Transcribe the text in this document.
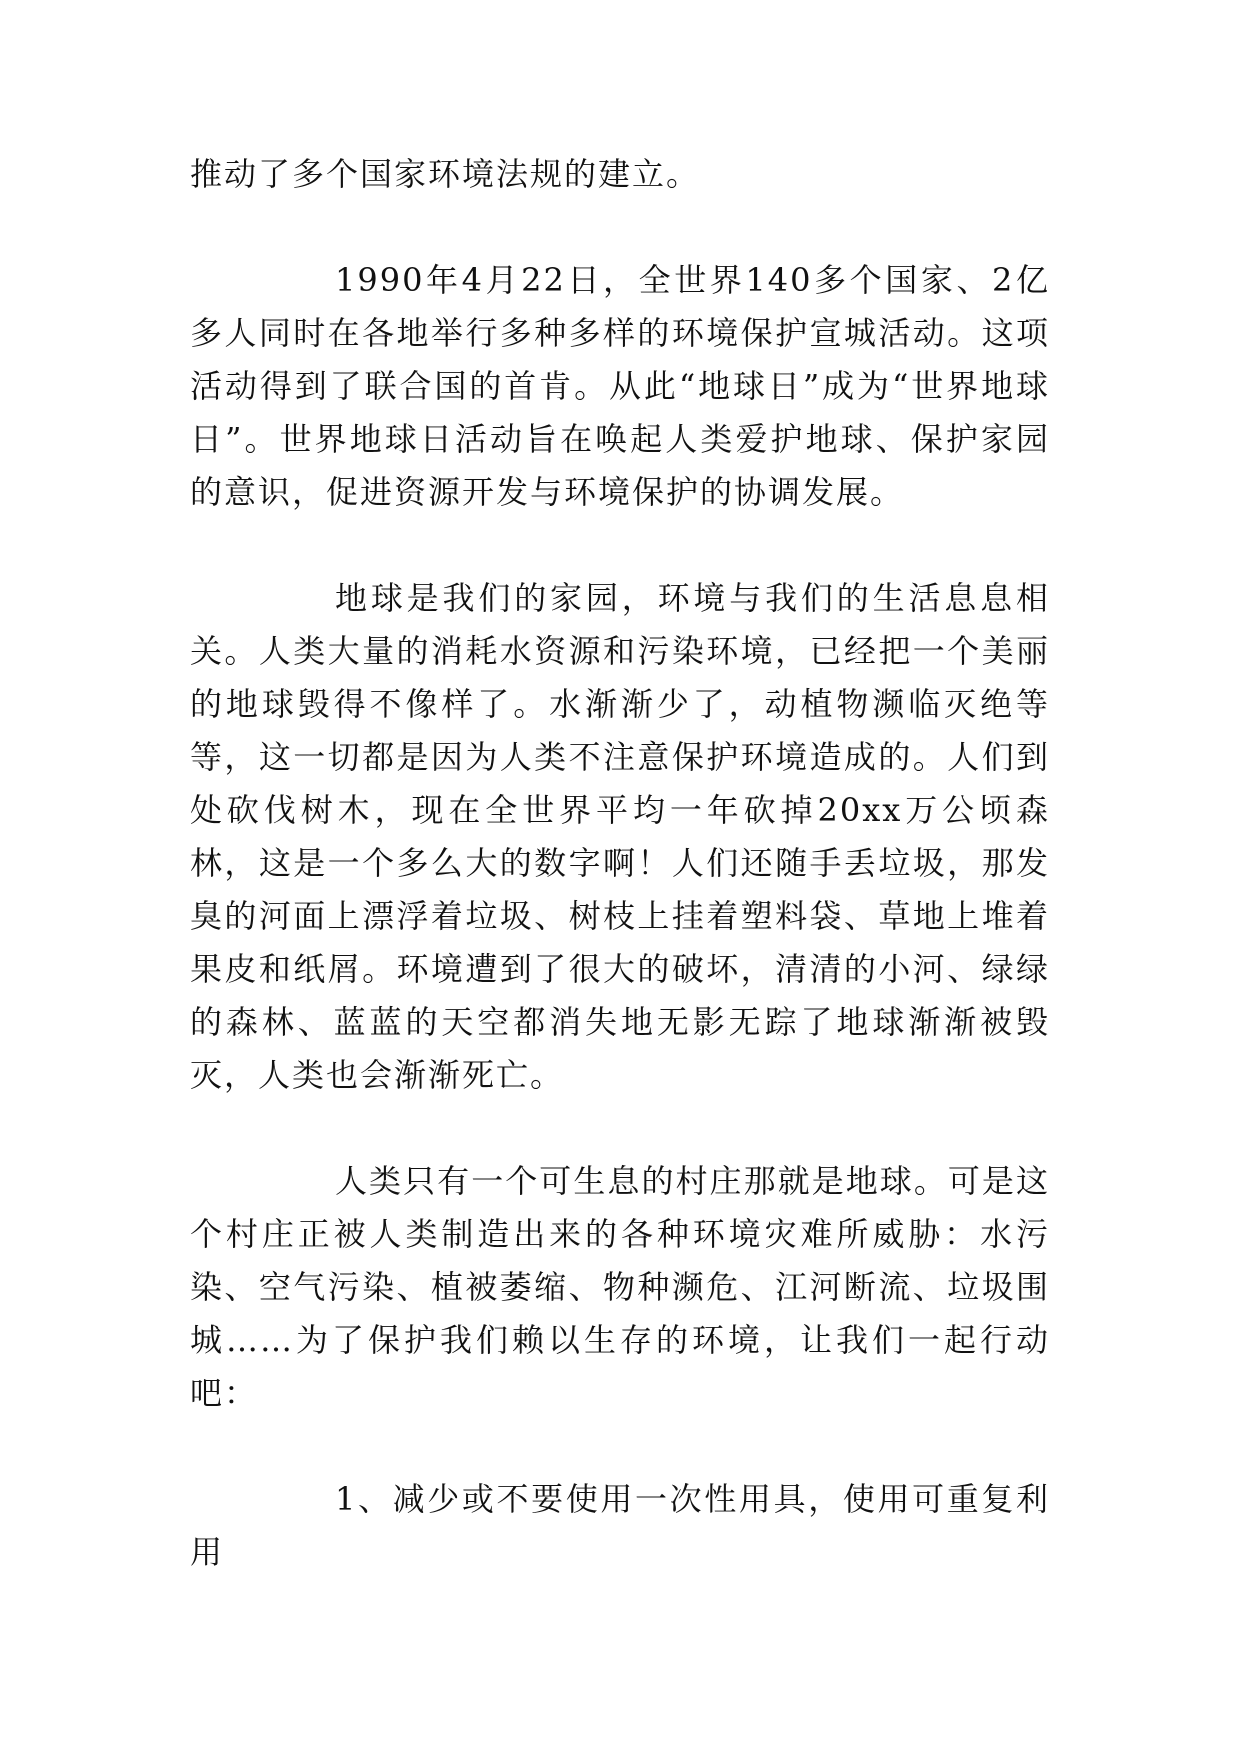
推动了多个国家环境法规的建立。

1990年4月22日，全世界140多个国家、2亿多人同时在各地举行多种多样的环境保护宣城活动。这项活动得到了联合国的首肯。从此“地球日”成为“世界地球日”。世界地球日活动旨在唤起人类爱护地球、保护家园的意识，促进资源开发与环境保护的协调发展。

地球是我们的家园，环境与我们的生活息息相关。人类大量的消耗水资源和污染环境，已经把一个美丽的地球毁得不像样了。水渐渐少了，动植物濒临灭绝等等，这一切都是因为人类不注意保护环境造成的。人们到处砍伐树木，现在全世界平均一年砍掉20xx万公顷森林，这是一个多么大的数字啊！人们还随手丢垃圾，那发臭的河面上漂浮着垃圾、树枝上挂着塑料袋、草地上堆着果皮和纸屑。环境遭到了很大的破坏，清清的小河、绿绿的森林、蓝蓝的天空都消失地无影无踪了地球渐渐被毁灭，人类也会渐渐死亡。

人类只有一个可生息的村庄那就是地球。可是这个村庄正被人类制造出来的各种环境灾难所威胁：水污染、空气污染、植被萎缩、物种濒危、江河断流、垃圾围城……为了保护我们赖以生存的环境，让我们一起行动吧：

1、减少或不要使用一次性用具，使用可重复利用
